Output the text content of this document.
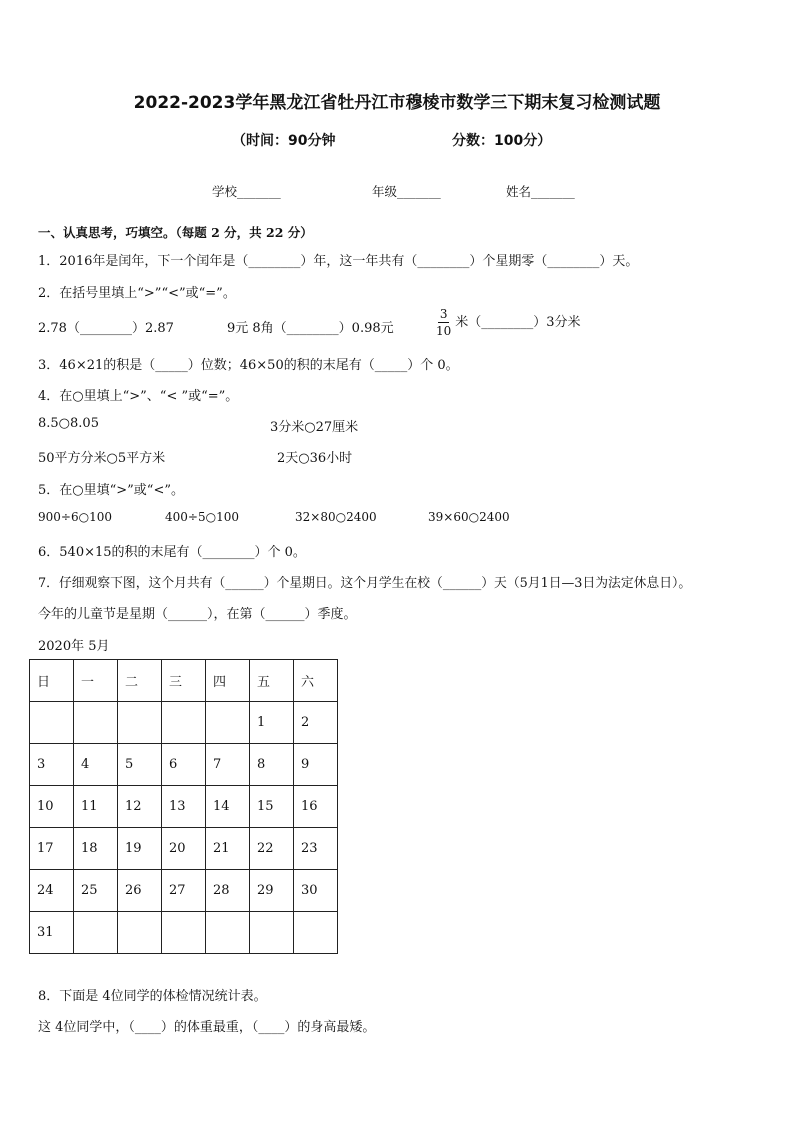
2022-2023学年黑龙江省牡丹江市穆棱市数学三下期末复习检测试题
（时间：90分钟	分数：100分）
学校_______	年级_______	姓名_______
一、认真思考，巧填空。（每题 2 分，共 22 分）
1．2016年是闰年，下一个闰年是（________）年，这一年共有（________）个星期零（________）天。
2．在括号里填上“>”“<”或“=”。
2.78（________）2.87	9元 8角（________）0.98元	$\frac{3}{10}$ 米（________）3分米
3．46×21的积是（_____）位数；46×50的积的末尾有（_____）个 0。
4．在○里填上“>”、“< ”或“=”。
8.5○8.05	3分米○27厘米
50平方分米○5平方米	2天○36小时
5．在○里填“>”或“<”。
900÷6○100	400÷5○100	32×80○2400	39×60○2400
6．540×15的积的末尾有（________）个 0。
7．仔细观察下图，这个月共有（______）个星期日。这个月学生在校（______）天（5月1日—3日为法定休息日）。
今年的儿童节是星期（______），在第（______）季度。
2020年 5月
日	一	二	三	四	五	六
					1	2
3	4	5	6	7	8	9
10	11	12	13	14	15	16
17	18	19	20	21	22	23
24	25	26	27	28	29	30
31						
8．下面是 4位同学的体检情况统计表。
这 4位同学中，（____）的体重最重，（____）的身高最矮。
